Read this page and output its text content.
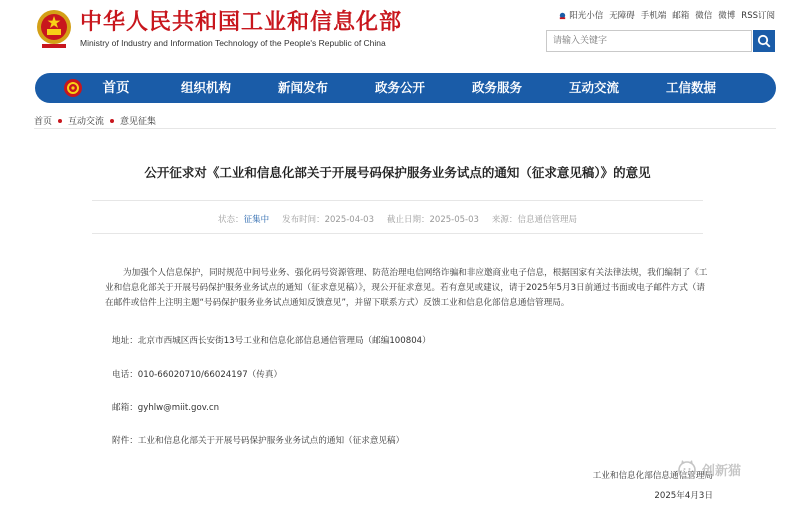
中华人民共和国工业和信息化部
Ministry of Industry and Information Technology of the People's Republic of China
阳光小信 无障碍 手机端 邮箱 微信 微博 RSS订阅
请输入关键字
首页	组织机构	新闻发布	政务公开	政务服务	互动交流	工信数据
首页 互动交流 意见征集
公开征求对《工业和信息化部关于开展号码保护服务业务试点的通知（征求意见稿）》的意见
状态：征集中 发布时间：2025-04-03 截止日期：2025-05-03 来源：信息通信管理局
为加强个人信息保护，同时规范中间号业务、强化码号资源管理、防范治理电信网络诈骗和非应邀商业电子信息，根据国家有关法律法规，我们编制了《工业和信息化部关于开展号码保护服务业务试点的通知（征求意见稿）》，现公开征求意见。若有意见或建议，请于2025年5月3日前通过书面或电子邮件方式（请在邮件或信件上注明主题“号码保护服务业务试点通知反馈意见”，并留下联系方式）反馈工业和信息化部信息通信管理局。
地址：北京市西城区西长安街13号工业和信息化部信息通信管理局（邮编100804）
电话：010-66020710/66024197（传真）
邮箱：gyhlw@miit.gov.cn
附件：工业和信息化部关于开展号码保护服务业务试点的通知（征求意见稿）
工业和信息化部信息通信管理局
2025年4月3日
创新猫
